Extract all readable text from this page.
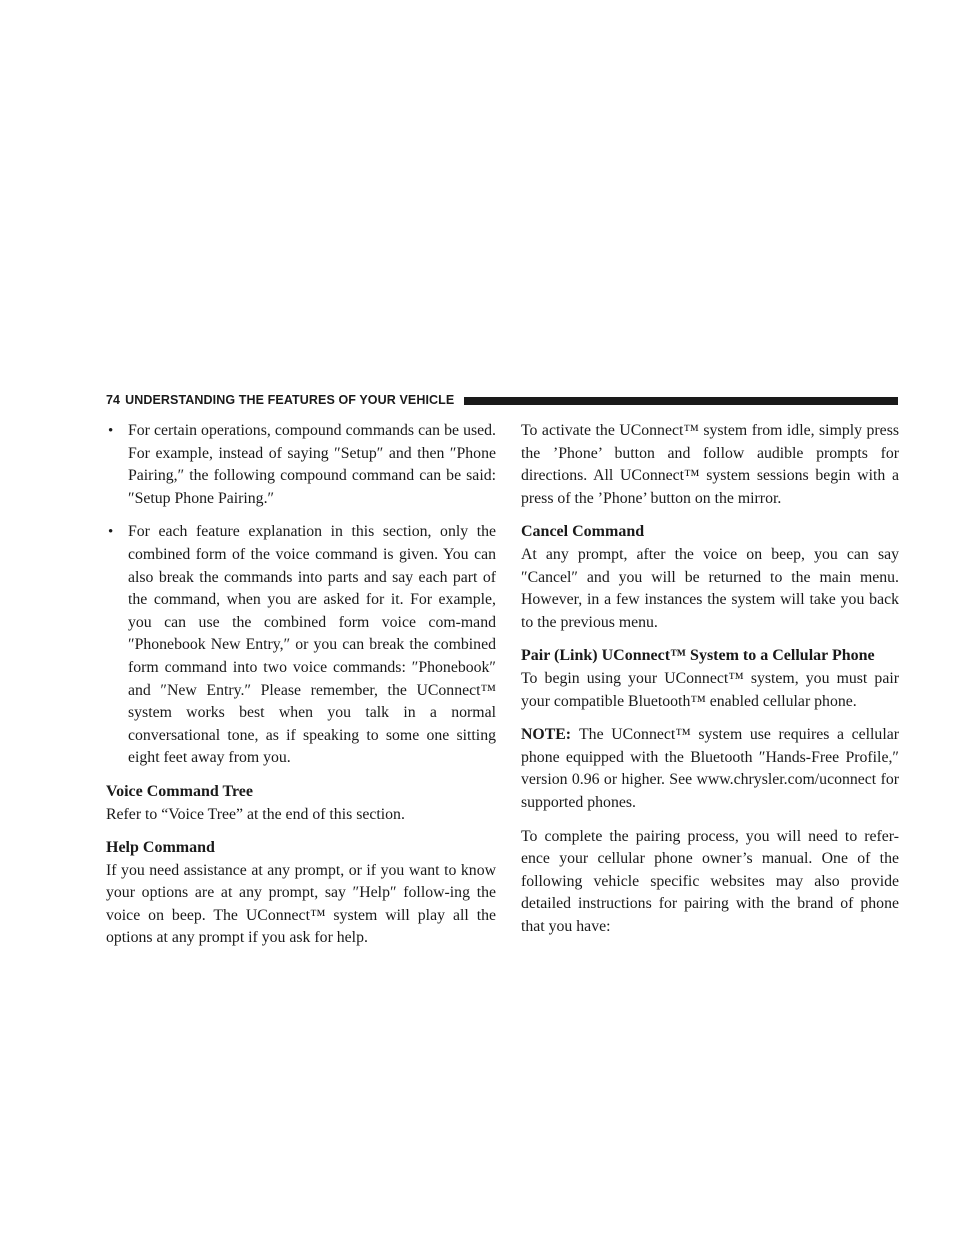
74 UNDERSTANDING THE FEATURES OF YOUR VEHICLE
• For certain operations, compound commands can be used. For example, instead of saying ″Setup″ and then ″Phone Pairing,″ the following compound command can be said: ″Setup Phone Pairing.″
• For each feature explanation in this section, only the combined form of the voice command is given. You can also break the commands into parts and say each part of the command, when you are asked for it. For example, you can use the combined form voice com-mand ″Phonebook New Entry,″ or you can break the combined form command into two voice commands: ″Phonebook″ and ″New Entry.″ Please remember, the UConnect™ system works best when you talk in a normal conversational tone, as if speaking to some one sitting eight feet away from you.
Voice Command Tree
Refer to “Voice Tree” at the end of this section.
Help Command
If you need assistance at any prompt, or if you want to know your options are at any prompt, say ″Help″ follow-ing the voice on beep. The UConnect™ system will play all the options at any prompt if you ask for help.

To activate the UConnect™ system from idle, simply press the ’Phone’ button and follow audible prompts for directions. All UConnect™ system sessions begin with a press of the ’Phone’ button on the mirror.

Cancel Command
At any prompt, after the voice on beep, you can say ″Cancel″ and you will be returned to the main menu. However, in a few instances the system will take you back to the previous menu.
Pair (Link) UConnect™ System to a Cellular Phone
To begin using your UConnect™ system, you must pair your compatible Bluetooth™ enabled cellular phone.

NOTE: The UConnect™ system use requires a cellular phone equipped with the Bluetooth ″Hands-Free Profile,″ version 0.96 or higher. See www.chrysler.com/uconnect for supported phones.

To complete the pairing process, you will need to refer-ence your cellular phone owner’s manual. One of the following vehicle specific websites may also provide detailed instructions for pairing with the brand of phone that you have:
